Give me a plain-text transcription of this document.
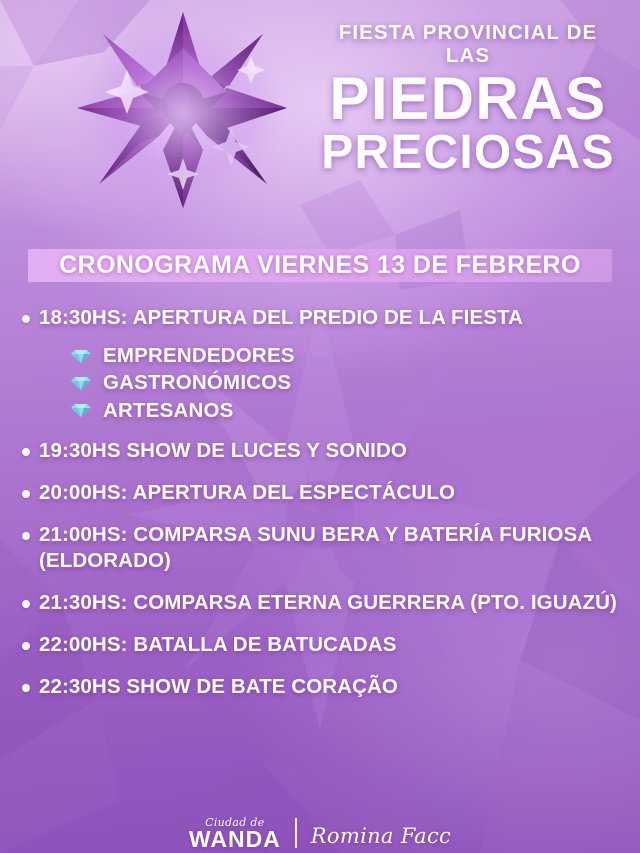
FIESTA PROVINCIAL DE LAS
PIEDRAS
PRECIOSAS
CRONOGRAMA VIERNES 13 DE FEBRERO
18:30HS: APERTURA DEL PREDIO DE LA FIESTA
EMPRENDEDORES
GASTRONÓMICOS
ARTESANOS
19:30HS SHOW DE LUCES Y SONIDO
20:00HS: APERTURA DEL ESPECTÁCULO
21:00HS: COMPARSA SUNU BERA Y BATERÍA FURIOSA (ELDORADO)
21:30HS: COMPARSA ETERNA GUERRERA (PTO. IGUAZÚ)
22:00HS: BATALLA DE BATUCADAS
22:30HS SHOW DE BATE CORAÇÃO
Ciudad de
WANDA Romina Facc
